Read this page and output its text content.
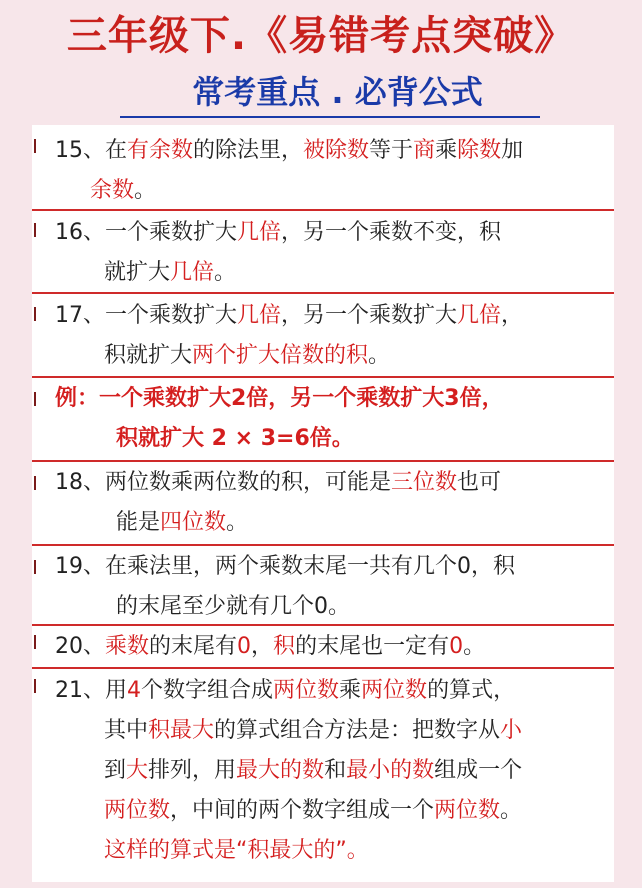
三年级下.《易错考点突破》
常考重点 . 必背公式
15、在有余数的除法里，被除数等于商乘除数加
余数。
16、一个乘数扩大几倍，另一个乘数不变，积
就扩大几倍。
17、一个乘数扩大几倍，另一个乘数扩大几倍，
积就扩大两个扩大倍数的积。
例：一个乘数扩大2倍，另一个乘数扩大3倍，
积就扩大 2 × 3=6倍。
18、两位数乘两位数的积，可能是三位数也可
能是四位数。
19、在乘法里，两个乘数末尾一共有几个0，积
的末尾至少就有几个0。
20、乘数的末尾有0，积的末尾也一定有0。
21、用4个数字组合成两位数乘两位数的算式，
其中积最大的算式组合方法是：把数字从小
到大排列，用最大的数和最小的数组成一个
两位数，中间的两个数字组成一个两位数。
这样的算式是“积最大的”。
